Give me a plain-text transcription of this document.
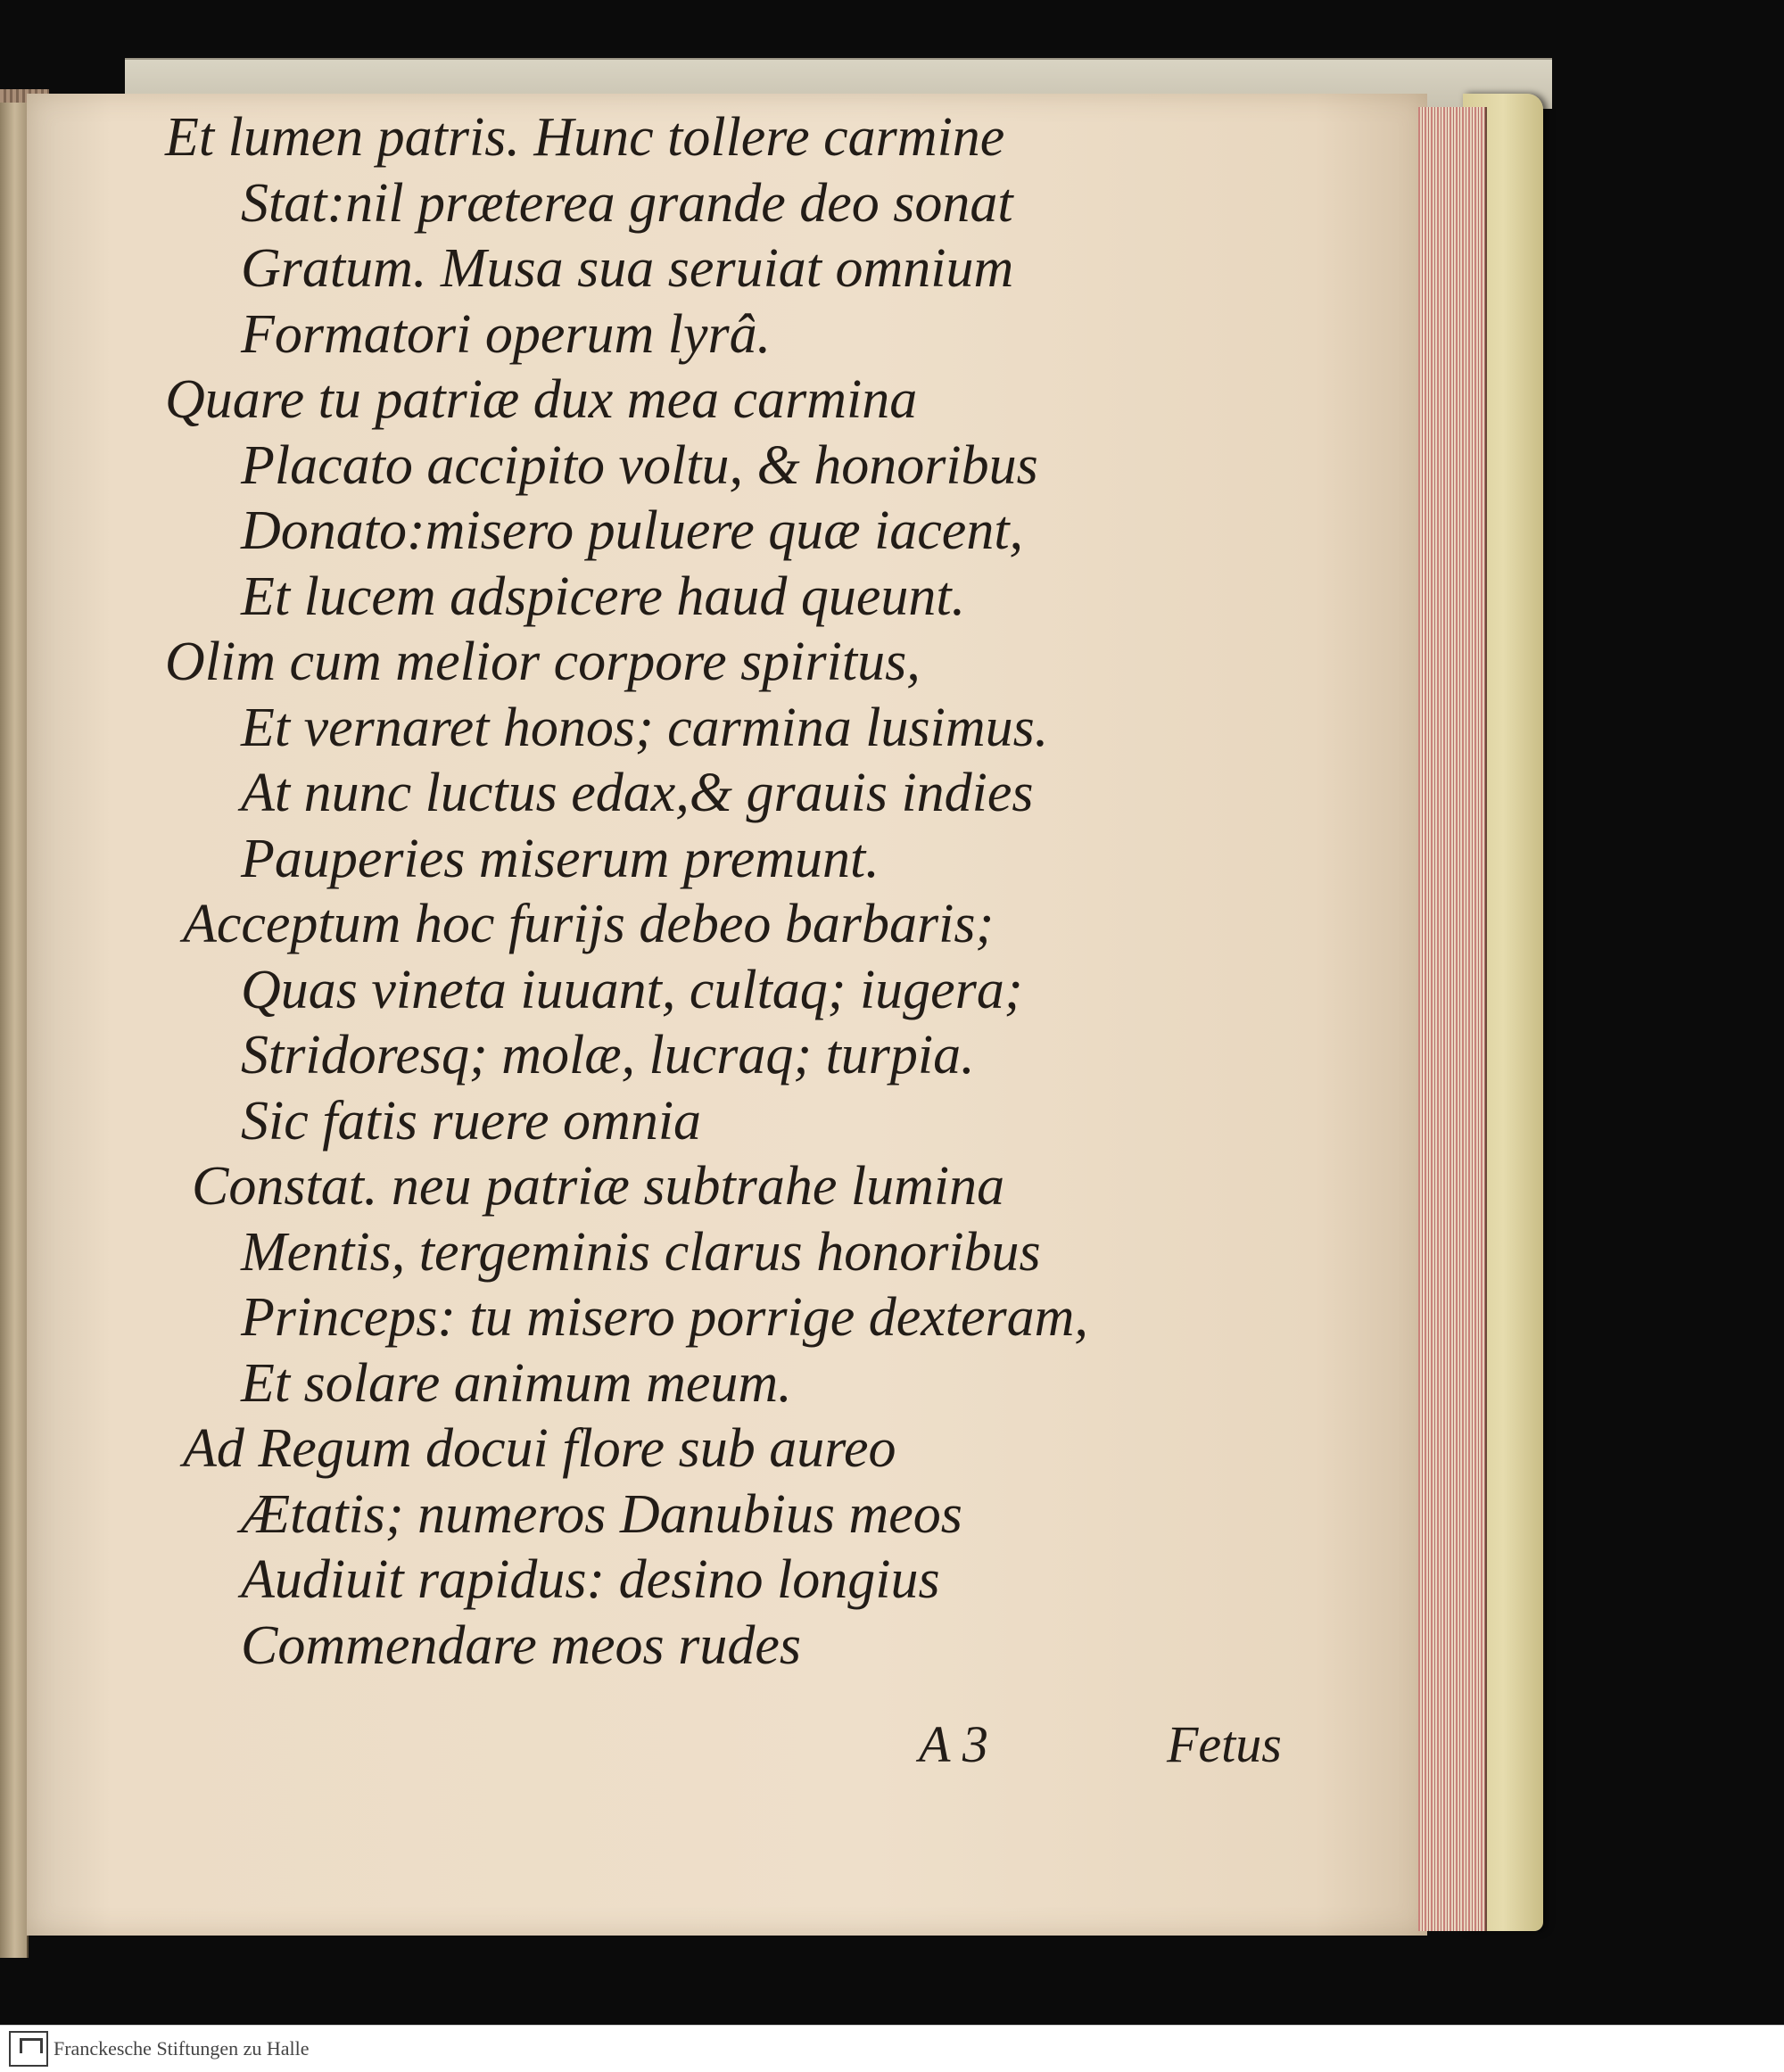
Et lumen patris. Hunc tollere carmine
Stat:nil præterea grande deo sonat
Gratum. Musa sua seruiat omnium
Formatori operum lyrâ.
Quare tu patriæ dux mea carmina
Placato accipito voltu, & honoribus
Donato:misero puluere quæ iacent,
Et lucem adspicere haud queunt.
Olim cum melior corpore spiritus,
Et vernaret honos; carmina lusimus.
At nunc luctus edax,& grauis indies
Pauperies miserum premunt.
Acceptum hoc furijs debeo barbaris;
Quas vineta iuuant, cultaq; iugera;
Stridoresq; molæ, lucraq; turpia.
Sic fatis ruere omnia
Constat. neu patriæ subtrahe lumina
Mentis, tergeminis clarus honoribus
Princeps: tu misero porrige dexteram,
Et solare animum meum.
Ad Regum docui flore sub aureo
Ætatis; numeros Danubius meos
Audiuit rapidus: desino longius
Commendare meos rudes
A 3	Fetus
Franckesche Stiftungen zu Halle
